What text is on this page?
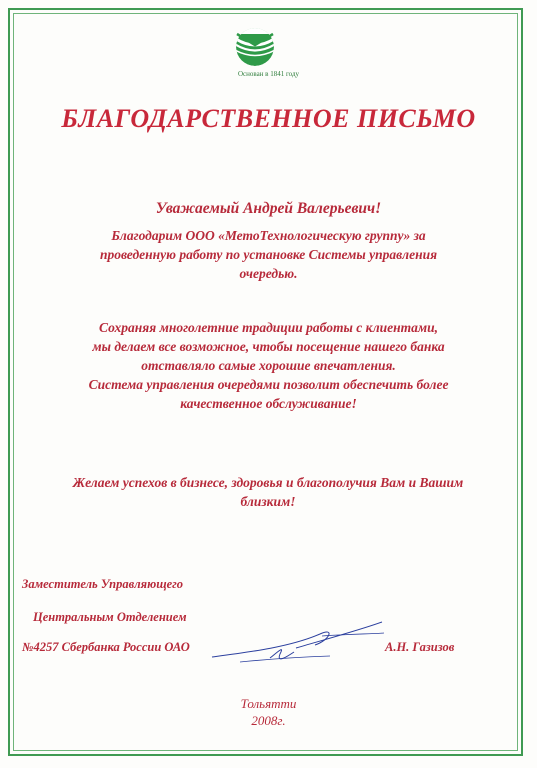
Основан в 1841 году
БЛАГОДАРСТВЕННОЕ ПИСЬМО
Уважаемый Андрей Валерьевич!
Благодарим ООО «МетоТехнологическую группу» за
проведенную работу по установке Системы управления
очередью.
Сохраняя многолетние традиции работы с клиентами,
мы делаем все возможное, чтобы посещение нашего банка
отставляло самые хорошие впечатления.
Система управления очередями позволит обеспечить более
качественное обслуживание!
Желаем успехов в бизнесе, здоровья и благополучия Вам и Вашим
близким!
Заместитель Управляющего
Центральным Отделением
№4257 Сбербанка России ОАО	А.Н. Газизов
Тольятти
2008г.
